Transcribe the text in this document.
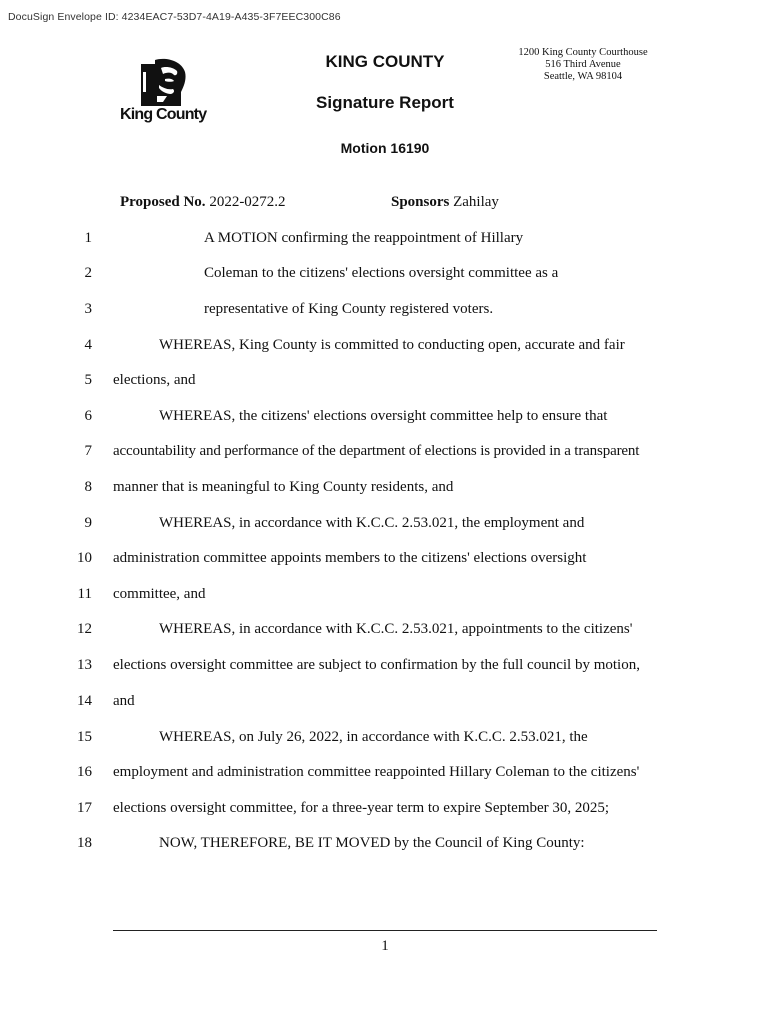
DocuSign Envelope ID: 4234EAC7-53D7-4A19-A435-3F7EEC300C86
King County
KING COUNTY
Signature Report
Motion 16190
1200 King County Courthouse
516 Third Avenue
Seattle, WA 98104
Proposed No. 2022-0272.2	Sponsors Zahilay
1	A MOTION confirming the reappointment of Hillary
2	Coleman to the citizens' elections oversight committee as a
3	representative of King County registered voters.
4	WHEREAS, King County is committed to conducting open, accurate and fair
5 elections, and
6	WHEREAS, the citizens' elections oversight committee help to ensure that
7 accountability and performance of the department of elections is provided in a transparent
8 manner that is meaningful to King County residents, and
9	WHEREAS, in accordance with K.C.C. 2.53.021, the employment and
10 administration committee appoints members to the citizens' elections oversight
11 committee, and
12	WHEREAS, in accordance with K.C.C. 2.53.021, appointments to the citizens'
13 elections oversight committee are subject to confirmation by the full council by motion,
14 and
15	WHEREAS, on July 26, 2022, in accordance with K.C.C. 2.53.021, the
16 employment and administration committee reappointed Hillary Coleman to the citizens'
17 elections oversight committee, for a three-year term to expire September 30, 2025;
18	NOW, THEREFORE, BE IT MOVED by the Council of King County:
1
